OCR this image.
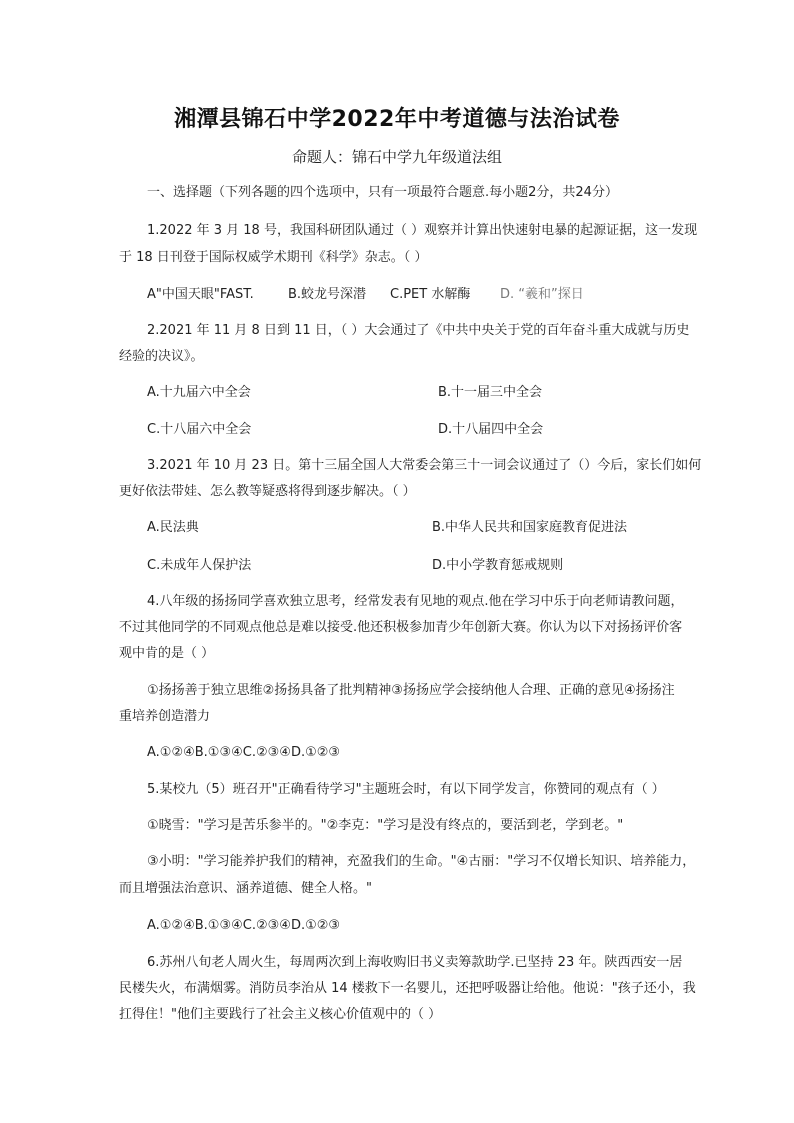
湘潭县锦石中学2022年中考道德与法治试卷
命题人：锦石中学九年级道法组
一、选择题（下列各题的四个选项中，只有一项最符合题意.每小题2分，共24分）
1.2022 年 3 月 18 号，我国科研团队通过（ ）观察并计算出快速射电暴的起源证据，这一发现
于 18 日刊登于国际权威学术期刊《科学》杂志。（ ）
A"中国天眼"FAST.	B.蛟龙号深潜 C.PET 水解酶 D. “羲和”探日
2.2021 年 11 月 8 日到 11 日，（ ）大会通过了《中共中央关于党的百年奋斗重大成就与历史
经验的决议》。
A.十九届六中全会	B.十一届三中全会
C.十八届六中全会	D.十八届四中全会
3.2021 年 10 月 23 日。第十三届全国人大常委会第三十一词会议通过了（）今后，家长们如何
更好依法带娃、怎么教等疑惑将得到逐步解决。（ ）
A.民法典	B.中华人民共和国家庭教育促进法
C.未成年人保护法	D.中小学教育惩戒规则
4.八年级的扬扬同学喜欢独立思考，经常发表有见地的观点.他在学习中乐于向老师请教问题，
不过其他同学的不同观点他总是难以接受.他还积极参加青少年创新大赛。你认为以下对扬扬评价客
观中肯的是（ ）
①扬扬善于独立思维②扬扬具备了批判精神③扬扬应学会接纳他人合理、正确的意见④扬扬注
重培养创造潜力
A.①②④B.①③④C.②③④D.①②③
5.某校九（5）班召开"正确看待学习"主题班会时，有以下同学发言，你赞同的观点有（ ）
①晓雪："学习是苦乐参半的。"②李克："学习是没有终点的，要活到老，学到老。"
③小明："学习能养护我们的精神，充盈我们的生命。"④古丽："学习不仅增长知识、培养能力，
而且增强法治意识、涵养道德、健全人格。"
A.①②④B.①③④C.②③④D.①②③
6.苏州八旬老人周火生，每周两次到上海收购旧书义卖筹款助学.已坚持 23 年。陕西西安一居
民楼失火，布满烟雾。消防员李治从 14 楼救下一名婴儿，还把呼吸器让给他。他说："孩子还小，我
扛得住！"他们主要践行了社会主义核心价值观中的（ ）
